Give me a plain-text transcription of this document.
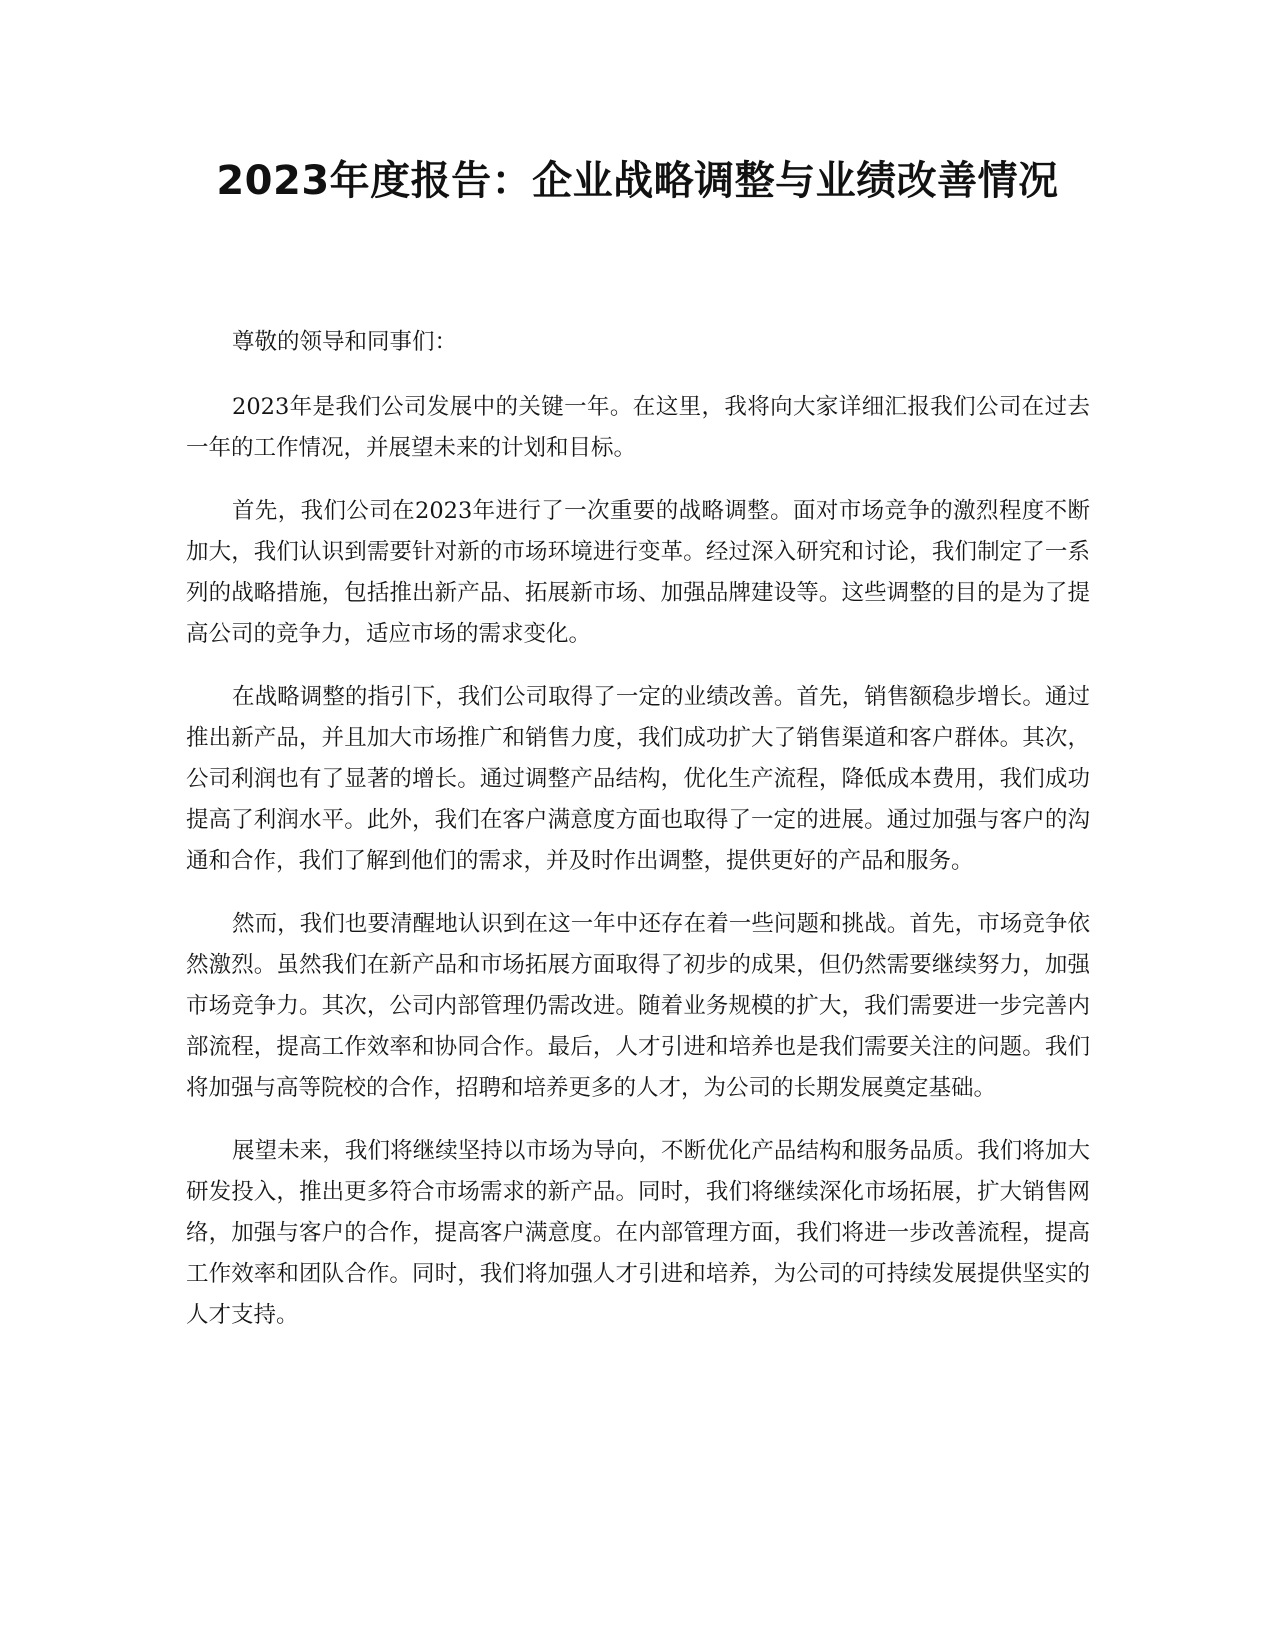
2023年度报告：企业战略调整与业绩改善情况

尊敬的领导和同事们：

2023年是我们公司发展中的关键一年。在这里，我将向大家详细汇报我们公司在过去一年的工作情况，并展望未来的计划和目标。

首先，我们公司在2023年进行了一次重要的战略调整。面对市场竞争的激烈程度不断加大，我们认识到需要针对新的市场环境进行变革。经过深入研究和讨论，我们制定了一系列的战略措施，包括推出新产品、拓展新市场、加强品牌建设等。这些调整的目的是为了提高公司的竞争力，适应市场的需求变化。

在战略调整的指引下，我们公司取得了一定的业绩改善。首先，销售额稳步增长。通过推出新产品，并且加大市场推广和销售力度，我们成功扩大了销售渠道和客户群体。其次，公司利润也有了显著的增长。通过调整产品结构，优化生产流程，降低成本费用，我们成功提高了利润水平。此外，我们在客户满意度方面也取得了一定的进展。通过加强与客户的沟通和合作，我们了解到他们的需求，并及时作出调整，提供更好的产品和服务。

然而，我们也要清醒地认识到在这一年中还存在着一些问题和挑战。首先，市场竞争依然激烈。虽然我们在新产品和市场拓展方面取得了初步的成果，但仍然需要继续努力，加强市场竞争力。其次，公司内部管理仍需改进。随着业务规模的扩大，我们需要进一步完善内部流程，提高工作效率和协同合作。最后，人才引进和培养也是我们需要关注的问题。我们将加强与高等院校的合作，招聘和培养更多的人才，为公司的长期发展奠定基础。

展望未来，我们将继续坚持以市场为导向，不断优化产品结构和服务品质。我们将加大研发投入，推出更多符合市场需求的新产品。同时，我们将继续深化市场拓展，扩大销售网络，加强与客户的合作，提高客户满意度。在内部管理方面，我们将进一步改善流程，提高工作效率和团队合作。同时，我们将加强人才引进和培养，为公司的可持续发展提供坚实的人才支持。
